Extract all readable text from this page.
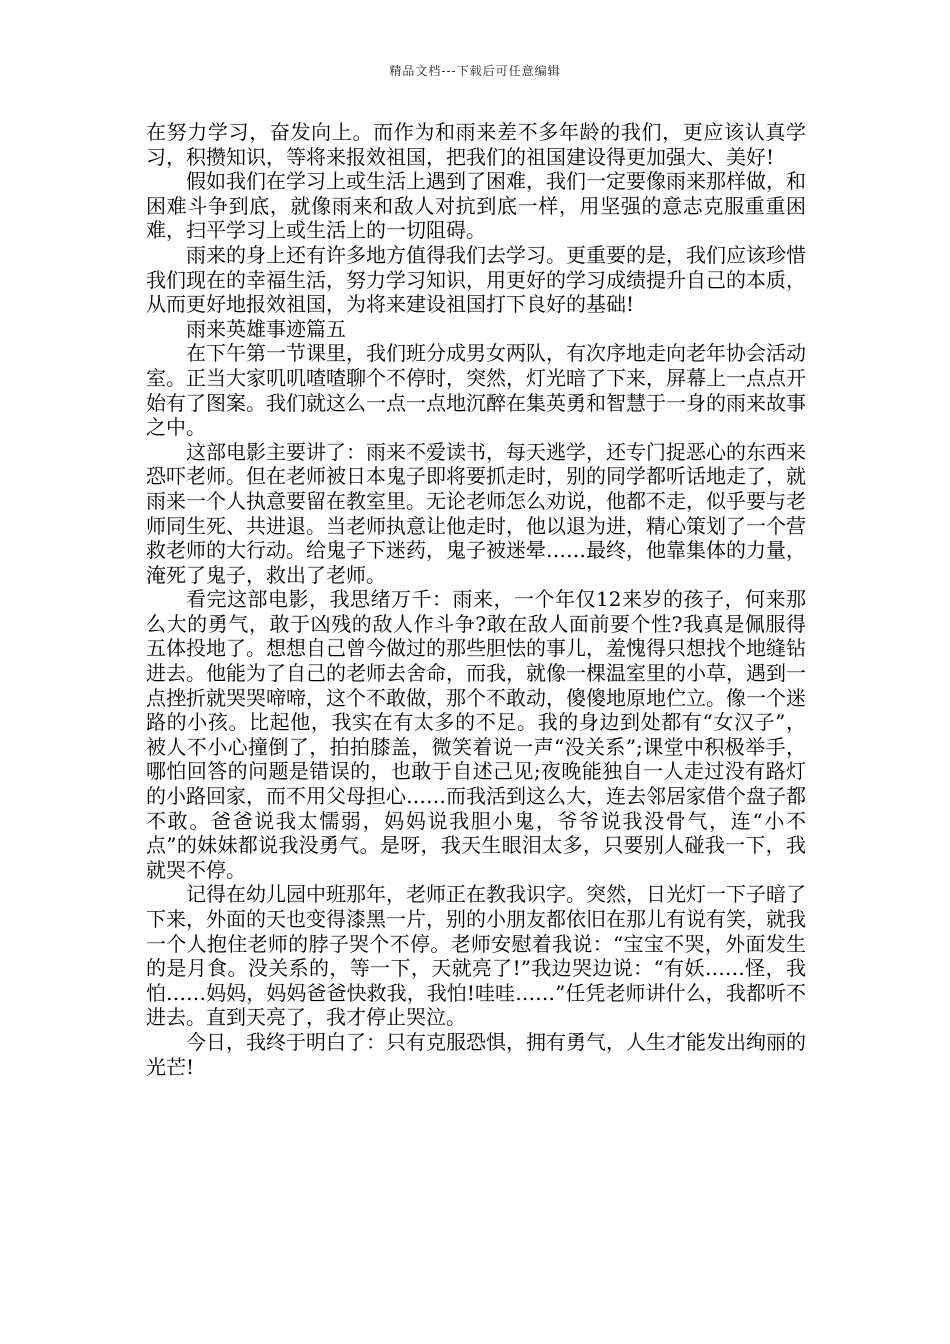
精品文档---下载后可任意编辑

在努力学习，奋发向上。而作为和雨来差不多年龄的我们，更应该认真学习，积攒知识，等将来报效祖国，把我们的祖国建设得更加强大、美好!

假如我们在学习上或生活上遇到了困难，我们一定要像雨来那样做，和困难斗争到底，就像雨来和敌人对抗到底一样，用坚强的意志克服重重困难，扫平学习上或生活上的一切阻碍。

雨来的身上还有许多地方值得我们去学习。更重要的是，我们应该珍惜我们现在的幸福生活，努力学习知识，用更好的学习成绩提升自己的本质，从而更好地报效祖国，为将来建设祖国打下良好的基础!

雨来英雄事迹篇五

在下午第一节课里，我们班分成男女两队，有次序地走向老年协会活动室。正当大家叽叽喳喳聊个不停时，突然，灯光暗了下来，屏幕上一点点开始有了图案。我们就这么一点一点地沉醉在集英勇和智慧于一身的雨来故事之中。

这部电影主要讲了：雨来不爱读书，每天逃学，还专门捉恶心的东西来恐吓老师。但在老师被日本鬼子即将要抓走时，别的同学都听话地走了，就雨来一个人执意要留在教室里。无论老师怎么劝说，他都不走，似乎要与老师同生死、共进退。当老师执意让他走时，他以退为进，精心策划了一个营救老师的大行动。给鬼子下迷药，鬼子被迷晕……最终，他靠集体的力量，淹死了鬼子，救出了老师。

看完这部电影，我思绪万千：雨来，一个年仅12来岁的孩子，何来那么大的勇气，敢于凶残的敌人作斗争?敢在敌人面前要个性?我真是佩服得五体投地了。想想自己曾今做过的那些胆怯的事儿，羞愧得只想找个地缝钻进去。他能为了自己的老师去舍命，而我，就像一棵温室里的小草，遇到一点挫折就哭哭啼啼，这个不敢做，那个不敢动，傻傻地原地伫立。像一个迷路的小孩。比起他，我实在有太多的不足。我的身边到处都有“女汉子”，被人不小心撞倒了，拍拍膝盖，微笑着说一声“没关系”;课堂中积极举手，哪怕回答的问题是错误的，也敢于自述己见;夜晚能独自一人走过没有路灯的小路回家，而不用父母担心……而我活到这么大，连去邻居家借个盘子都不敢。爸爸说我太懦弱，妈妈说我胆小鬼，爷爷说我没骨气，连“小不点”的妹妹都说我没勇气。是呀，我天生眼泪太多，只要别人碰我一下，我就哭不停。

记得在幼儿园中班那年，老师正在教我识字。突然，日光灯一下子暗了下来，外面的天也变得漆黑一片，别的小朋友都依旧在那儿有说有笑，就我一个人抱住老师的脖子哭个不停。老师安慰着我说：“宝宝不哭，外面发生的是月食。没关系的，等一下，天就亮了!”我边哭边说：“有妖……怪，我怕……妈妈，妈妈爸爸快救我，我怕!哇哇……”任凭老师讲什么，我都听不进去。直到天亮了，我才停止哭泣。

今日，我终于明白了：只有克服恐惧，拥有勇气，人生才能发出绚丽的光芒!
